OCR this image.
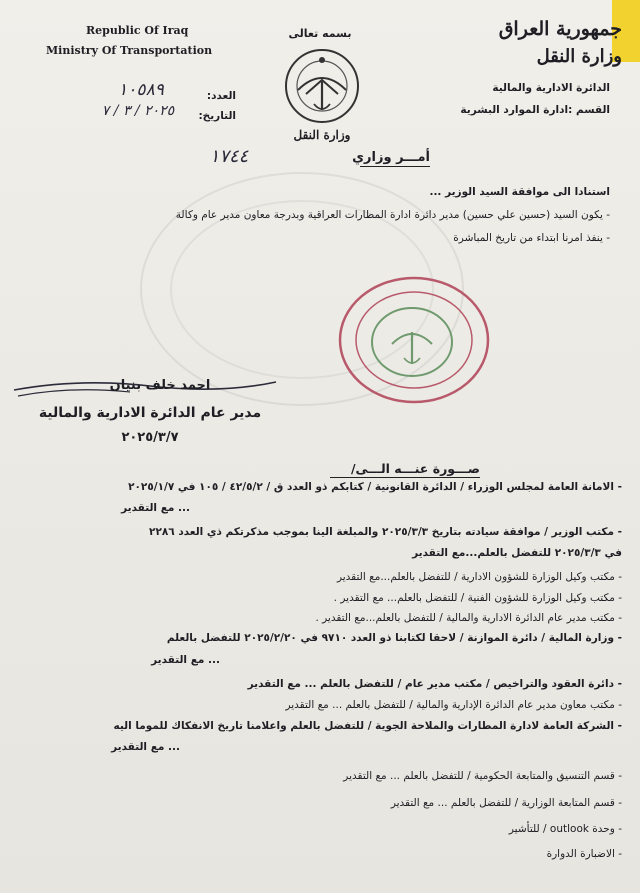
Republic Of Iraq
Ministry Of Transportation
العدد:
١٠٥٨٩
التاريخ:
٢٠٢٥ / ٣ / ٧
بسمه تعالى
وزارة النقل
جمهورية العراق
وزارة النقل
الدائرة الادارية والمالية
القسم :ادارة الموارد البشرية
أمـــر وزاري
١٧٤٤
استنادا الى موافقة السيد الوزير ...
- يكون السيد (حسين علي حسين) مدير دائرة ادارة المطارات العراقية وبدرجة معاون مدير عام وكالة
- ينفذ امرنا ابتداء من تاريخ المباشرة
احمد خلف بنيان
مدير عام الدائرة الادارية والمالية
٢٠٢٥/٣/٧
صـــورة عنـــه الـــى/
- الامانة العامة لمجلس الوزراء / الدائرة القانونية / كتابكم ذو العدد ق / ٤٢/٥/٢ / ١٠٥ في ٢٠٢٥/١/٧
... مع التقدير
- مكتب الوزير / موافقة سيادته بتاريخ ٢٠٢٥/٣/٣ والمبلغة الينا بموجب مذكرتكم ذي العدد ٢٢٨٦
في ٢٠٢٥/٣/٣ للتفضل بالعلم...مع التقدير
- مكتب وكيل الوزارة للشؤون الادارية / للتفضل بالعلم...مع التقدير
- مكتب وكيل الوزارة للشؤون الفنية / للتفضل بالعلم... مع التقدير .
- مكتب مدير عام الدائرة الادارية والمالية / للتفضل بالعلم...مع التقدير .
- وزارة المالية / دائرة الموازنة / لاحقا لكتابنا ذو العدد ٩٧١٠ في ٢٠٢٥/٢/٢٠ للتفضل بالعلم
... مع التقدير
- دائرة العقود والتراخيص / مكتب مدير عام / للتفضل بالعلم ... مع التقدير
- مكتب معاون مدير عام الدائرة الإدارية والمالية / للتفضل بالعلم ... مع التقدير
- الشركة العامة لادارة المطارات والملاحة الجوية / للتفضل بالعلم واعلامنا تاريخ الانفكاك للموما اليه
... مع التقدير
- قسم التنسيق والمتابعة الحكومية / للتفضل بالعلم ... مع التقدير
- قسم المتابعة الوزارية / للتفضل بالعلم ... مع التقدير
- وحدة outlook / للتأشير
- الاضبارة الدوارة
